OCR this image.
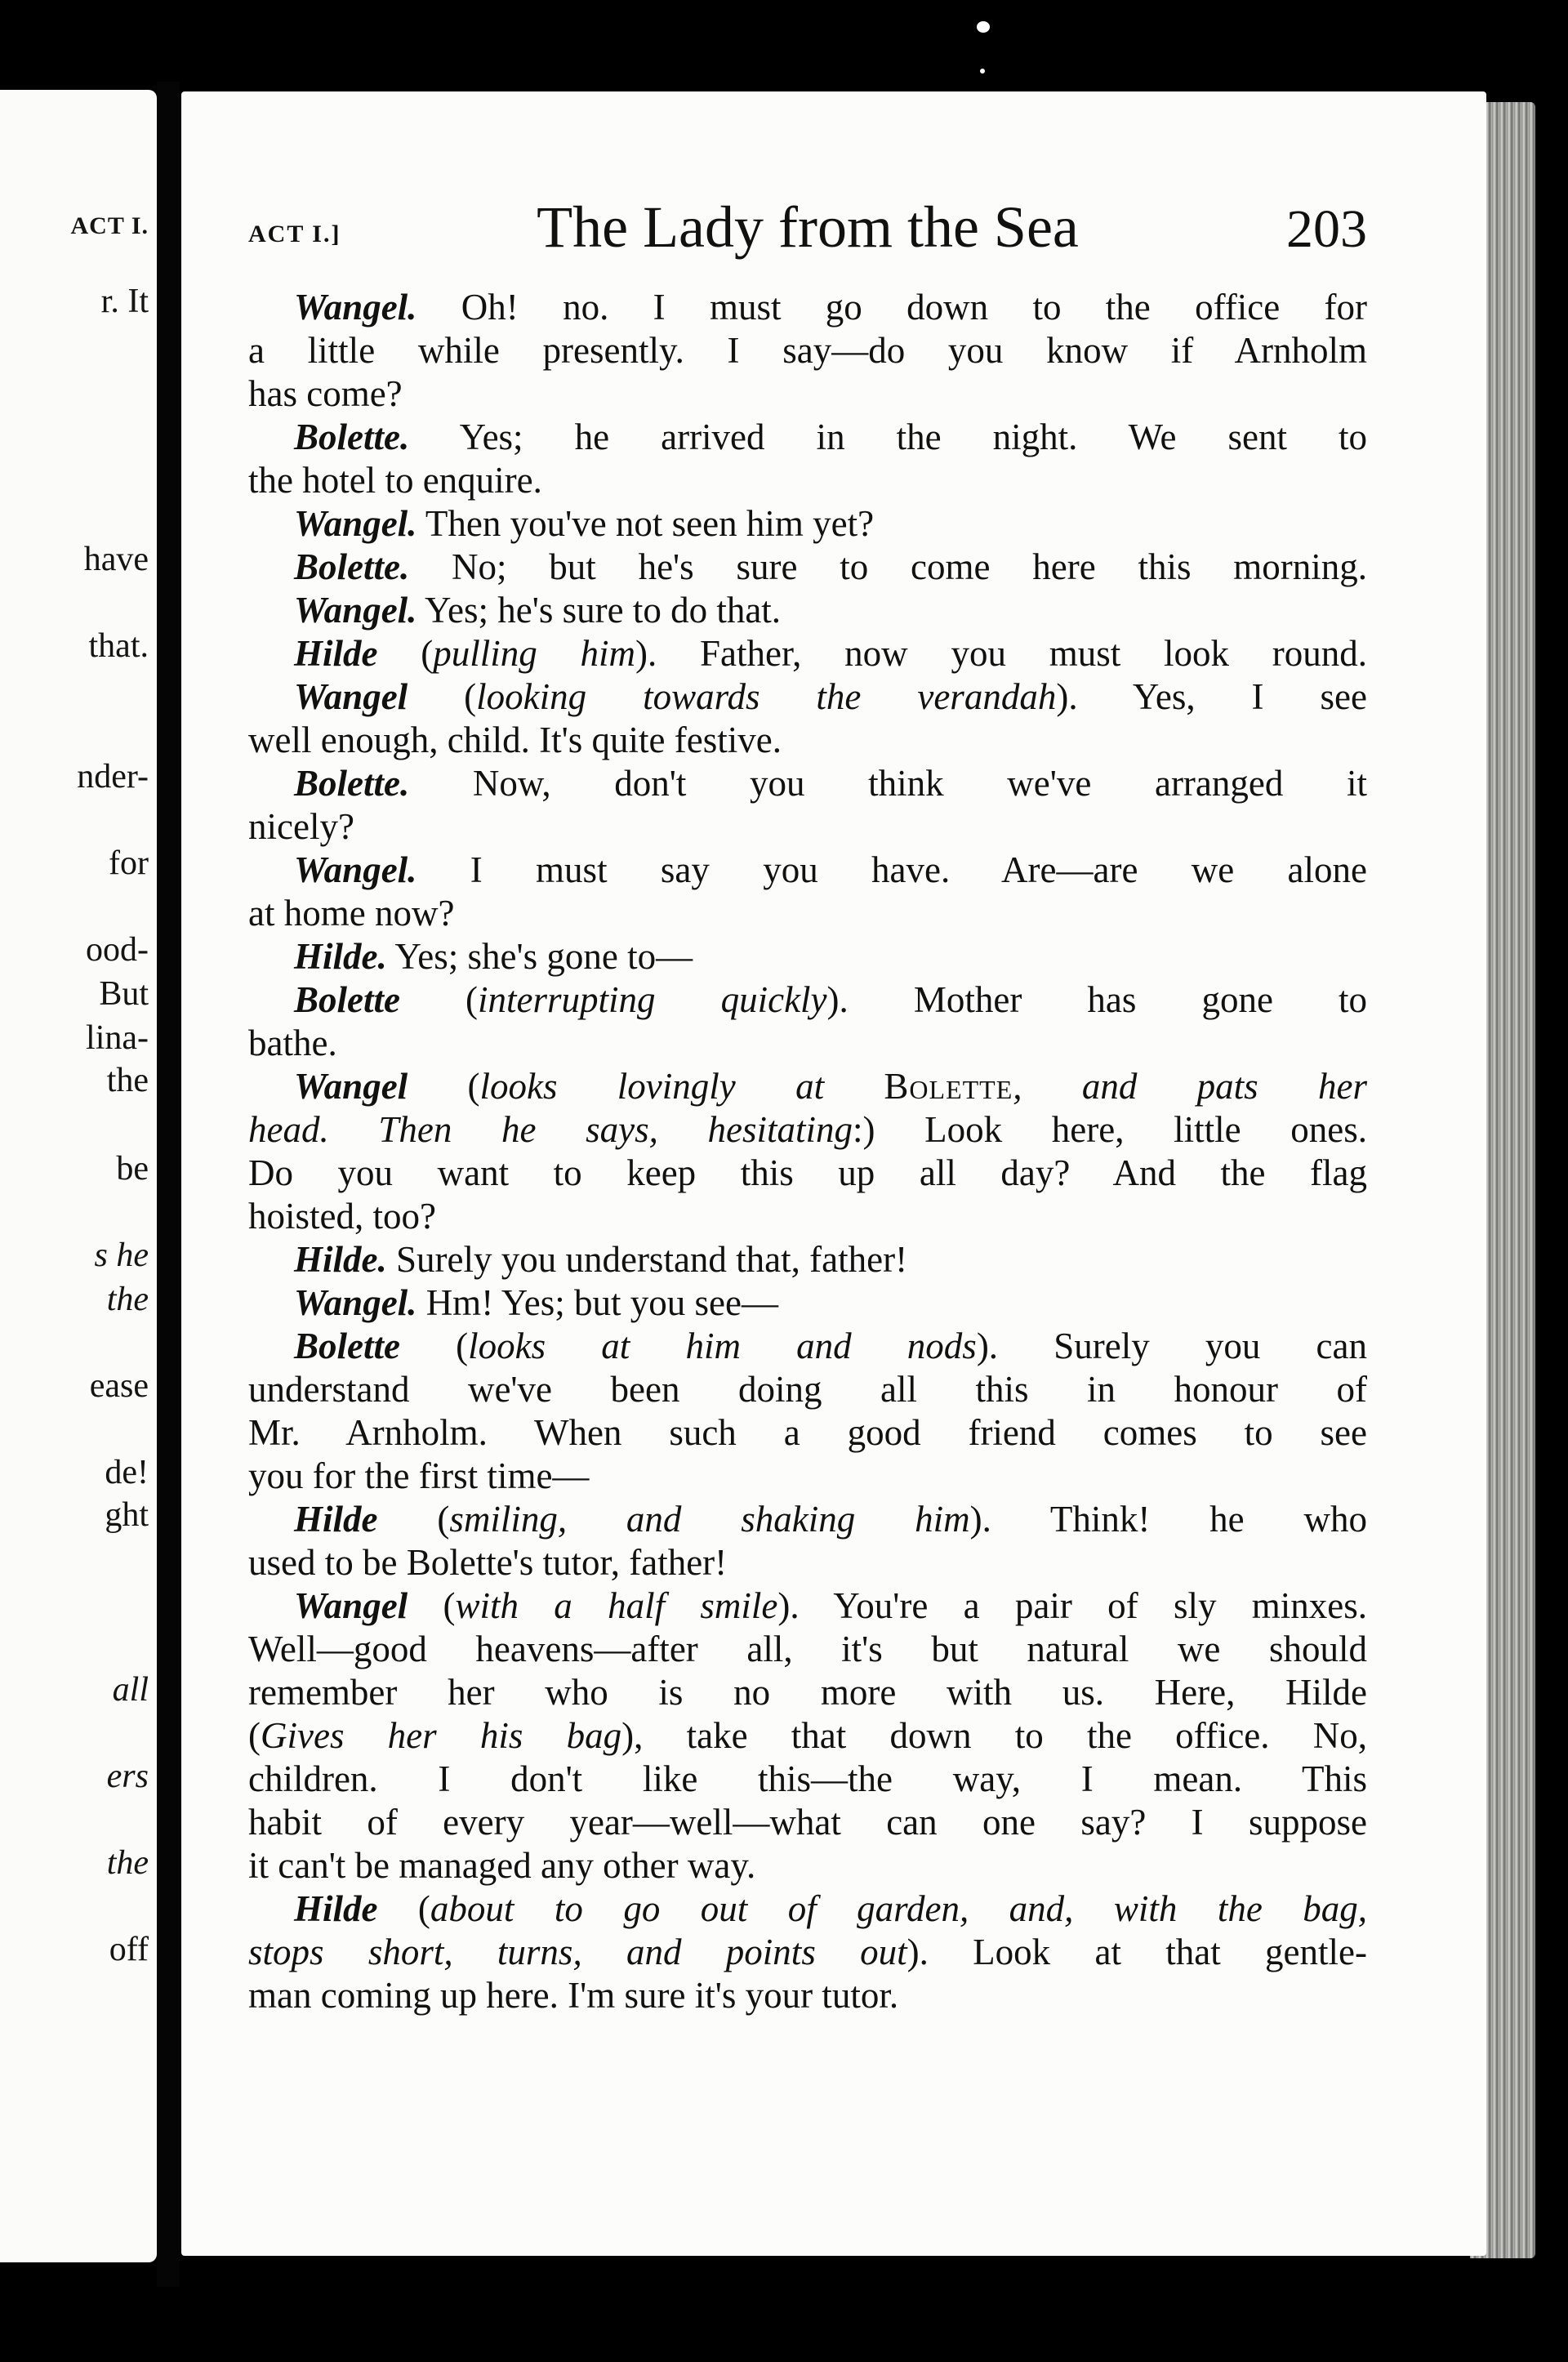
ACT I.
r. It
have
that.
nder-
for
ood-
But
lina-
the
be
s he
the
ease
de!
ght
all
ers
the
off
ACT I.]	The Lady from the Sea	203
Wangel. Oh! no. I must go down to the office for
a little while presently. I say—do you know if Arnholm
has come?
Bolette. Yes; he arrived in the night. We sent to
the hotel to enquire.
Wangel. Then you've not seen him yet?
Bolette. No; but he's sure to come here this morning.
Wangel. Yes; he's sure to do that.
Hilde (pulling him). Father, now you must look round.
Wangel (looking towards the verandah). Yes, I see
well enough, child. It's quite festive.
Bolette. Now, don't you think we've arranged it
nicely?
Wangel. I must say you have. Are—are we alone
at home now?
Hilde. Yes; she's gone to—
Bolette (interrupting quickly). Mother has gone to
bathe.
Wangel (looks lovingly at Bolette, and pats her
head. Then he says, hesitating:) Look here, little ones.
Do you want to keep this up all day? And the flag
hoisted, too?
Hilde. Surely you understand that, father!
Wangel. Hm! Yes; but you see—
Bolette (looks at him and nods). Surely you can
understand we've been doing all this in honour of
Mr. Arnholm. When such a good friend comes to see
you for the first time—
Hilde (smiling, and shaking him). Think! he who
used to be Bolette's tutor, father!
Wangel (with a half smile). You're a pair of sly minxes.
Well—good heavens—after all, it's but natural we should
remember her who is no more with us. Here, Hilde
(Gives her his bag), take that down to the office. No,
children. I don't like this—the way, I mean. This
habit of every year—well—what can one say? I suppose
it can't be managed any other way.
Hilde (about to go out of garden, and, with the bag,
stops short, turns, and points out). Look at that gentle-
man coming up here. I'm sure it's your tutor.
